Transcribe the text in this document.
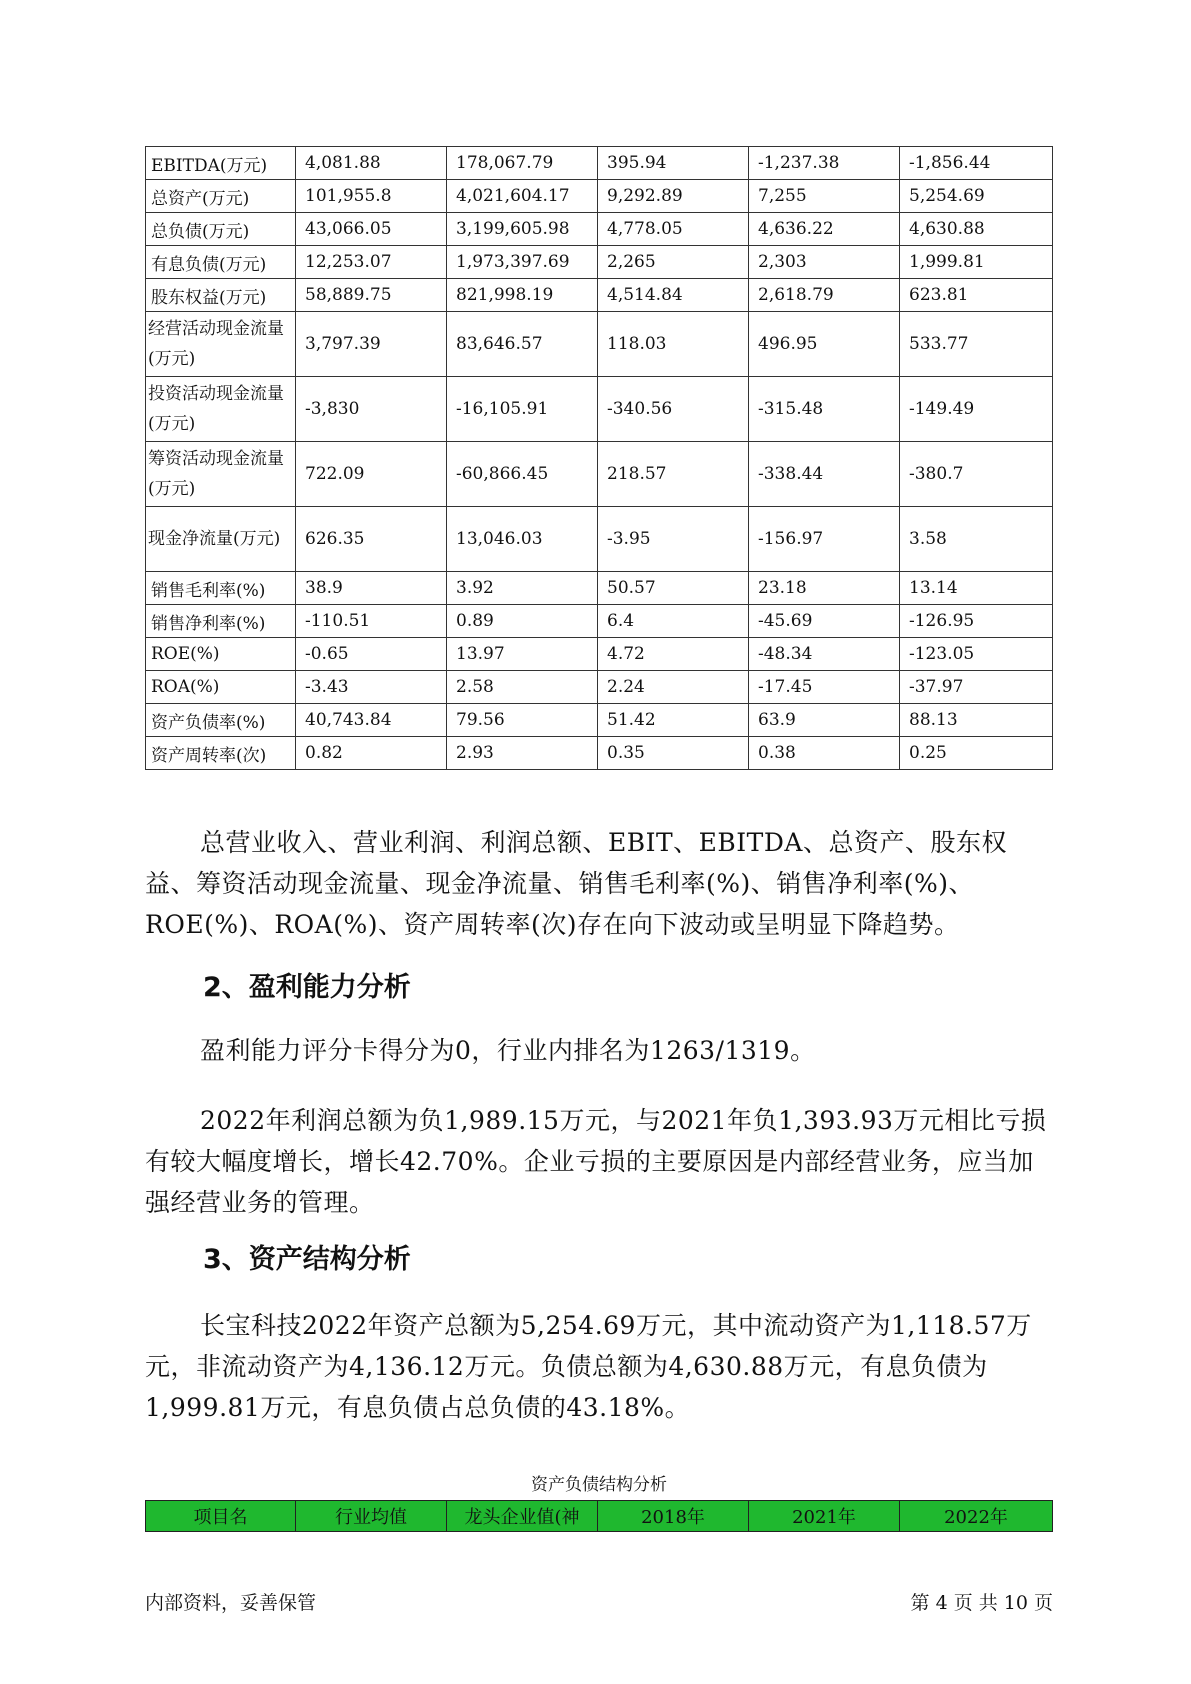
EBITDA(万元)	4,081.88	178,067.79	395.94	-1,237.38	-1,856.44
总资产(万元)	101,955.8	4,021,604.17	9,292.89	7,255	5,254.69
总负债(万元)	43,066.05	3,199,605.98	4,778.05	4,636.22	4,630.88
有息负债(万元)	12,253.07	1,973,397.69	2,265	2,303	1,999.81
股东权益(万元)	58,889.75	821,998.19	4,514.84	2,618.79	623.81
经营活动现金流量(万元)	3,797.39	83,646.57	118.03	496.95	533.77
投资活动现金流量(万元)	-3,830	-16,105.91	-340.56	-315.48	-149.49
筹资活动现金流量(万元)	722.09	-60,866.45	218.57	-338.44	-380.7
现金净流量(万元)	626.35	13,046.03	-3.95	-156.97	3.58
销售毛利率(%)	38.9	3.92	50.57	23.18	13.14
销售净利率(%)	-110.51	0.89	6.4	-45.69	-126.95
ROE(%)	-0.65	13.97	4.72	-48.34	-123.05
ROA(%)	-3.43	2.58	2.24	-17.45	-37.97
资产负债率(%)	40,743.84	79.56	51.42	63.9	88.13
资产周转率(次)	0.82	2.93	0.35	0.38	0.25

总营业收入、营业利润、利润总额、EBIT、EBITDA、总资产、股东权益、筹资活动现金流量、现金净流量、销售毛利率(%)、销售净利率(%)、ROE(%)、ROA(%)、资产周转率(次)存在向下波动或呈明显下降趋势。

2、盈利能力分析

盈利能力评分卡得分为0，行业内排名为1263/1319。

2022年利润总额为负1,989.15万元，与2021年负1,393.93万元相比亏损有较大幅度增长，增长42.70%。企业亏损的主要原因是内部经营业务，应当加强经营业务的管理。

3、资产结构分析

长宝科技2022年资产总额为5,254.69万元，其中流动资产为1,118.57万元，非流动资产为4,136.12万元。负债总额为4,630.88万元，有息负债为1,999.81万元，有息负债占总负债的43.18%。

资产负债结构分析

项目名	行业均值	龙头企业值(神	2018年	2021年	2022年
内部资料，妥善保管	第 4 页 共 10 页
